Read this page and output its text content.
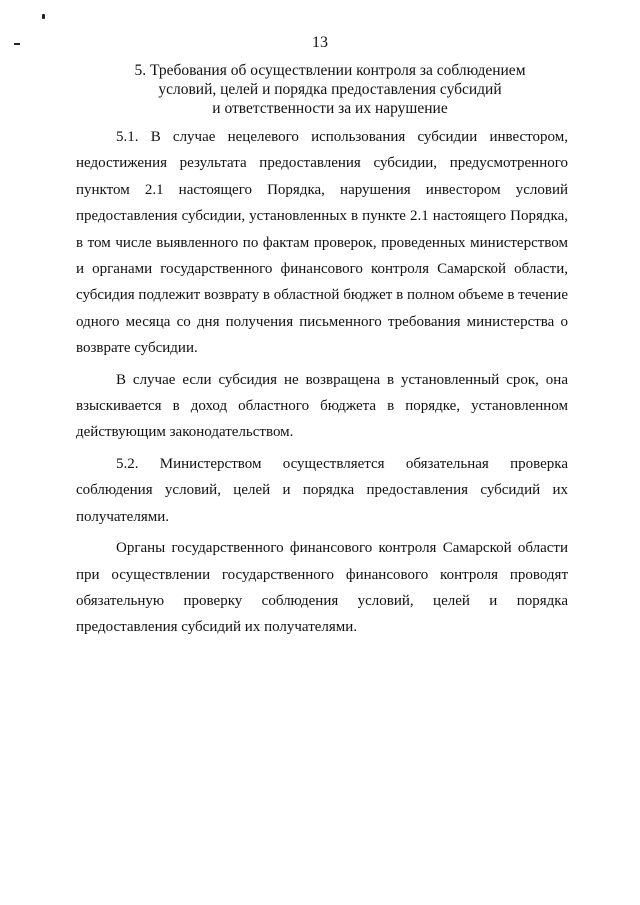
13
5. Требования об осуществлении контроля за соблюдением
условий, целей и порядка предоставления субсидий
и ответственности за их нарушение

5.1. В случае нецелевого использования субсидии инвестором, недостижения результата предоставления субсидии, предусмотренного пунктом 2.1 настоящего Порядка, нарушения инвестором условий предоставления субсидии, установленных в пункте 2.1 настоящего Порядка, в том числе выявленного по фактам проверок, проведенных министерством и органами государственного финансового контроля Самарской области, субсидия подлежит возврату в областной бюджет в полном объеме в течение одного месяца со дня получения письменного требования министерства о возврате субсидии.

В случае если субсидия не возвращена в установленный срок, она взыскивается в доход областного бюджета в порядке, установленном действующим законодательством.

5.2. Министерством осуществляется обязательная проверка соблюдения условий, целей и порядка предоставления субсидий их получателями.

Органы государственного финансового контроля Самарской области при осуществлении государственного финансового контроля проводят обязательную проверку соблюдения условий, целей и порядка предоставления субсидий их получателями.
